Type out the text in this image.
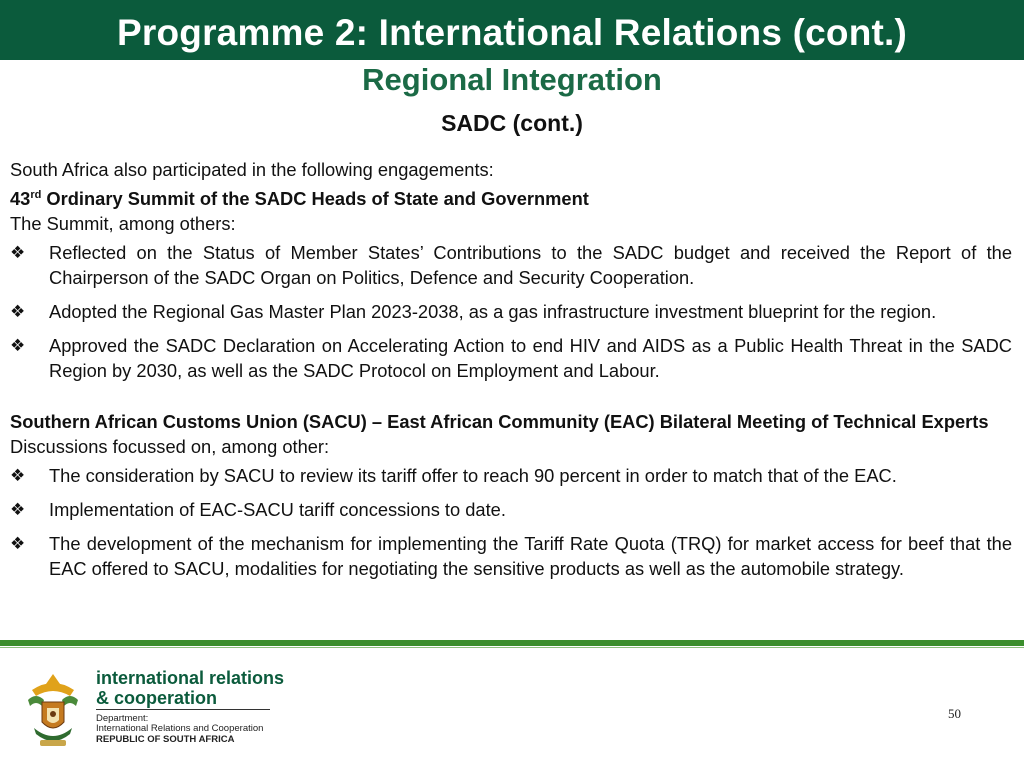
Programme 2: International Relations (cont.)
Regional Integration
SADC (cont.)

South Africa also participated in the following engagements:

43rd Ordinary Summit of the SADC Heads of State and Government

The Summit, among others:

❖ Reflected on the Status of Member States’ Contributions to the SADC budget and received the Report of the Chairperson of the SADC Organ on Politics, Defence and Security Cooperation.
❖ Adopted the Regional Gas Master Plan 2023-2038, as a gas infrastructure investment blueprint for the region.
❖ Approved the SADC Declaration on Accelerating Action to end HIV and AIDS as a Public Health Threat in the SADC Region by 2030, as well as the SADC Protocol on Employment and Labour.

Southern African Customs Union (SACU) – East African Community (EAC) Bilateral Meeting of Technical Experts

Discussions focussed on, among other:

❖ The consideration by SACU to review its tariff offer to reach 90 percent in order to match that of the EAC.
❖ Implementation of EAC-SACU tariff concessions to date.
❖ The development of the mechanism for implementing the Tariff Rate Quota (TRQ) for market access for beef that the EAC offered to SACU, modalities for negotiating the sensitive products as well as the automobile strategy.
international relations
& cooperation
Department:
International Relations and Cooperation
REPUBLIC OF SOUTH AFRICA
50
